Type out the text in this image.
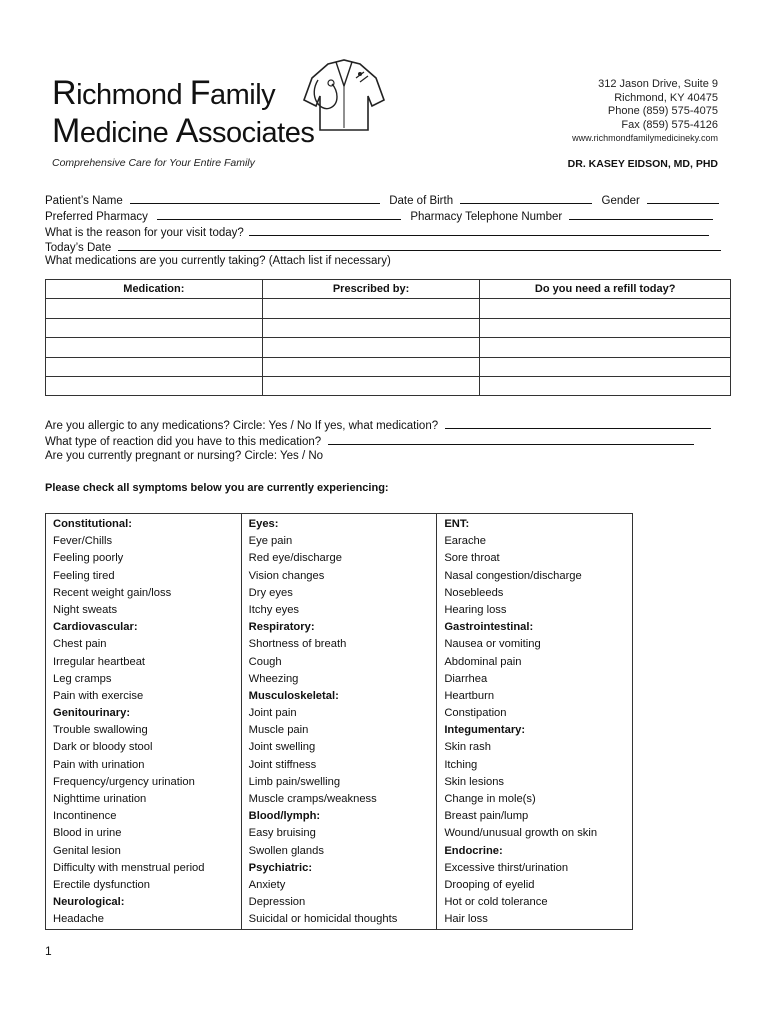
Richmond Family
Medicine Associates
Comprehensive Care for Your Entire Family
312 Jason Drive, Suite 9
Richmond, KY 40475
Phone (859) 575-4075
Fax (859) 575-4126
www.richmondfamilymedicineky.com
DR. KASEY EIDSON, MD, PHD
Patient’s Name	Date of Birth	Gender
Preferred Pharmacy	Pharmacy Telephone Number
What is the reason for your visit today?
Today’s Date
What medications are you currently taking? (Attach list if necessary)
Medication:	Prescribed by:	Do you need a refill today?

Are you allergic to any medications? Circle: Yes / No If yes, what medication?
What type of reaction did you have to this medication?
Are you currently pregnant or nursing? Circle: Yes / No
Please check all symptoms below you are currently experiencing:
Constitutional:
Fever/Chills
Feeling poorly
Feeling tired
Recent weight gain/loss
Night sweats
Cardiovascular:
Chest pain
Irregular heartbeat
Leg cramps
Pain with exercise
Genitourinary:
Trouble swallowing
Dark or bloody stool
Pain with urination
Frequency/urgency urination
Nighttime urination
Incontinence
Blood in urine
Genital lesion
Difficulty with menstrual period
Erectile dysfunction
Neurological:
Headache

Eyes:
Eye pain
Red eye/discharge
Vision changes
Dry eyes
Itchy eyes
Respiratory:
Shortness of breath
Cough
Wheezing
Musculoskeletal:
Joint pain
Muscle pain
Joint swelling
Joint stiffness
Limb pain/swelling
Muscle cramps/weakness
Blood/lymph:
Easy bruising
Swollen glands
Psychiatric:
Anxiety
Depression
Suicidal or homicidal thoughts

ENT:
Earache
Sore throat
Nasal congestion/discharge
Nosebleeds
Hearing loss
Gastrointestinal:
Nausea or vomiting
Abdominal pain
Diarrhea
Heartburn
Constipation
Integumentary:
Skin rash
Itching
Skin lesions
Change in mole(s)
Breast pain/lump
Wound/unusual growth on skin
Endocrine:
Excessive thirst/urination
Drooping of eyelid
Hot or cold tolerance
Hair loss
1
